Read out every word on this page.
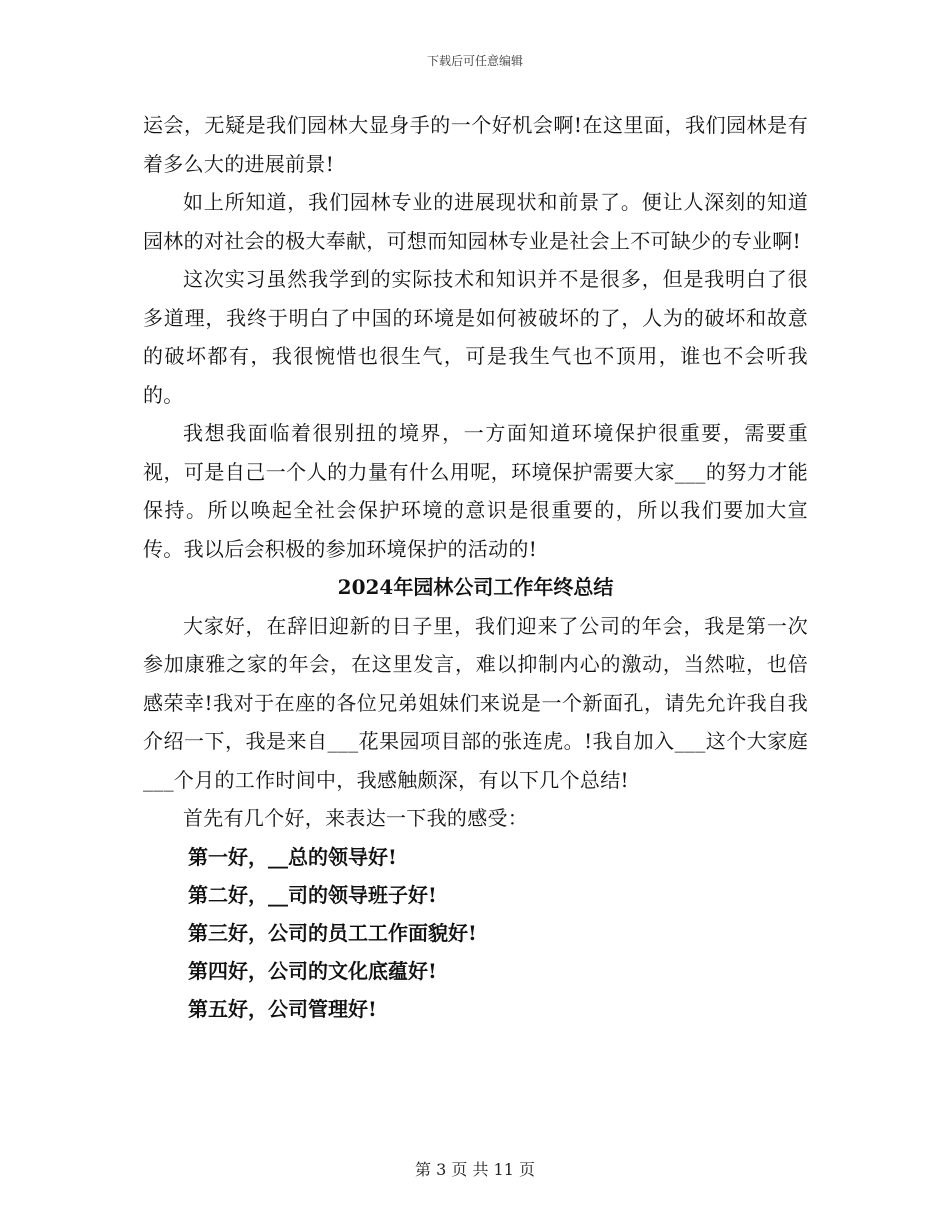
下载后可任意编辑

运会，无疑是我们园林大显身手的一个好机会啊!在这里面，我们园林是有着多么大的进展前景!

如上所知道，我们园林专业的进展现状和前景了。便让人深刻的知道园林的对社会的极大奉献，可想而知园林专业是社会上不可缺少的专业啊!

这次实习虽然我学到的实际技术和知识并不是很多，但是我明白了很多道理，我终于明白了中国的环境是如何被破坏的了，人为的破坏和故意的破坏都有，我很惋惜也很生气，可是我生气也不顶用，谁也不会听我的。

我想我面临着很别扭的境界，一方面知道环境保护很重要，需要重视，可是自己一个人的力量有什么用呢，环境保护需要大家___的努力才能保持。所以唤起全社会保护环境的意识是很重要的，所以我们要加大宣传。我以后会积极的参加环境保护的活动的!

2024年园林公司工作年终总结

大家好，在辞旧迎新的日子里，我们迎来了公司的年会，我是第一次参加康雅之家的年会，在这里发言，难以抑制内心的激动，当然啦，也倍感荣幸!我对于在座的各位兄弟姐妹们来说是一个新面孔，请先允许我自我介绍一下，我是来自___花果园项目部的张连虎。!我自加入___这个大家庭___个月的工作时间中，我感触颇深，有以下几个总结!

首先有几个好，来表达一下我的感受：

第一好，__总的领导好!

第二好，__司的领导班子好!

第三好，公司的员工工作面貌好!

第四好，公司的文化底蕴好!

第五好，公司管理好!

第 3 页 共 11 页
